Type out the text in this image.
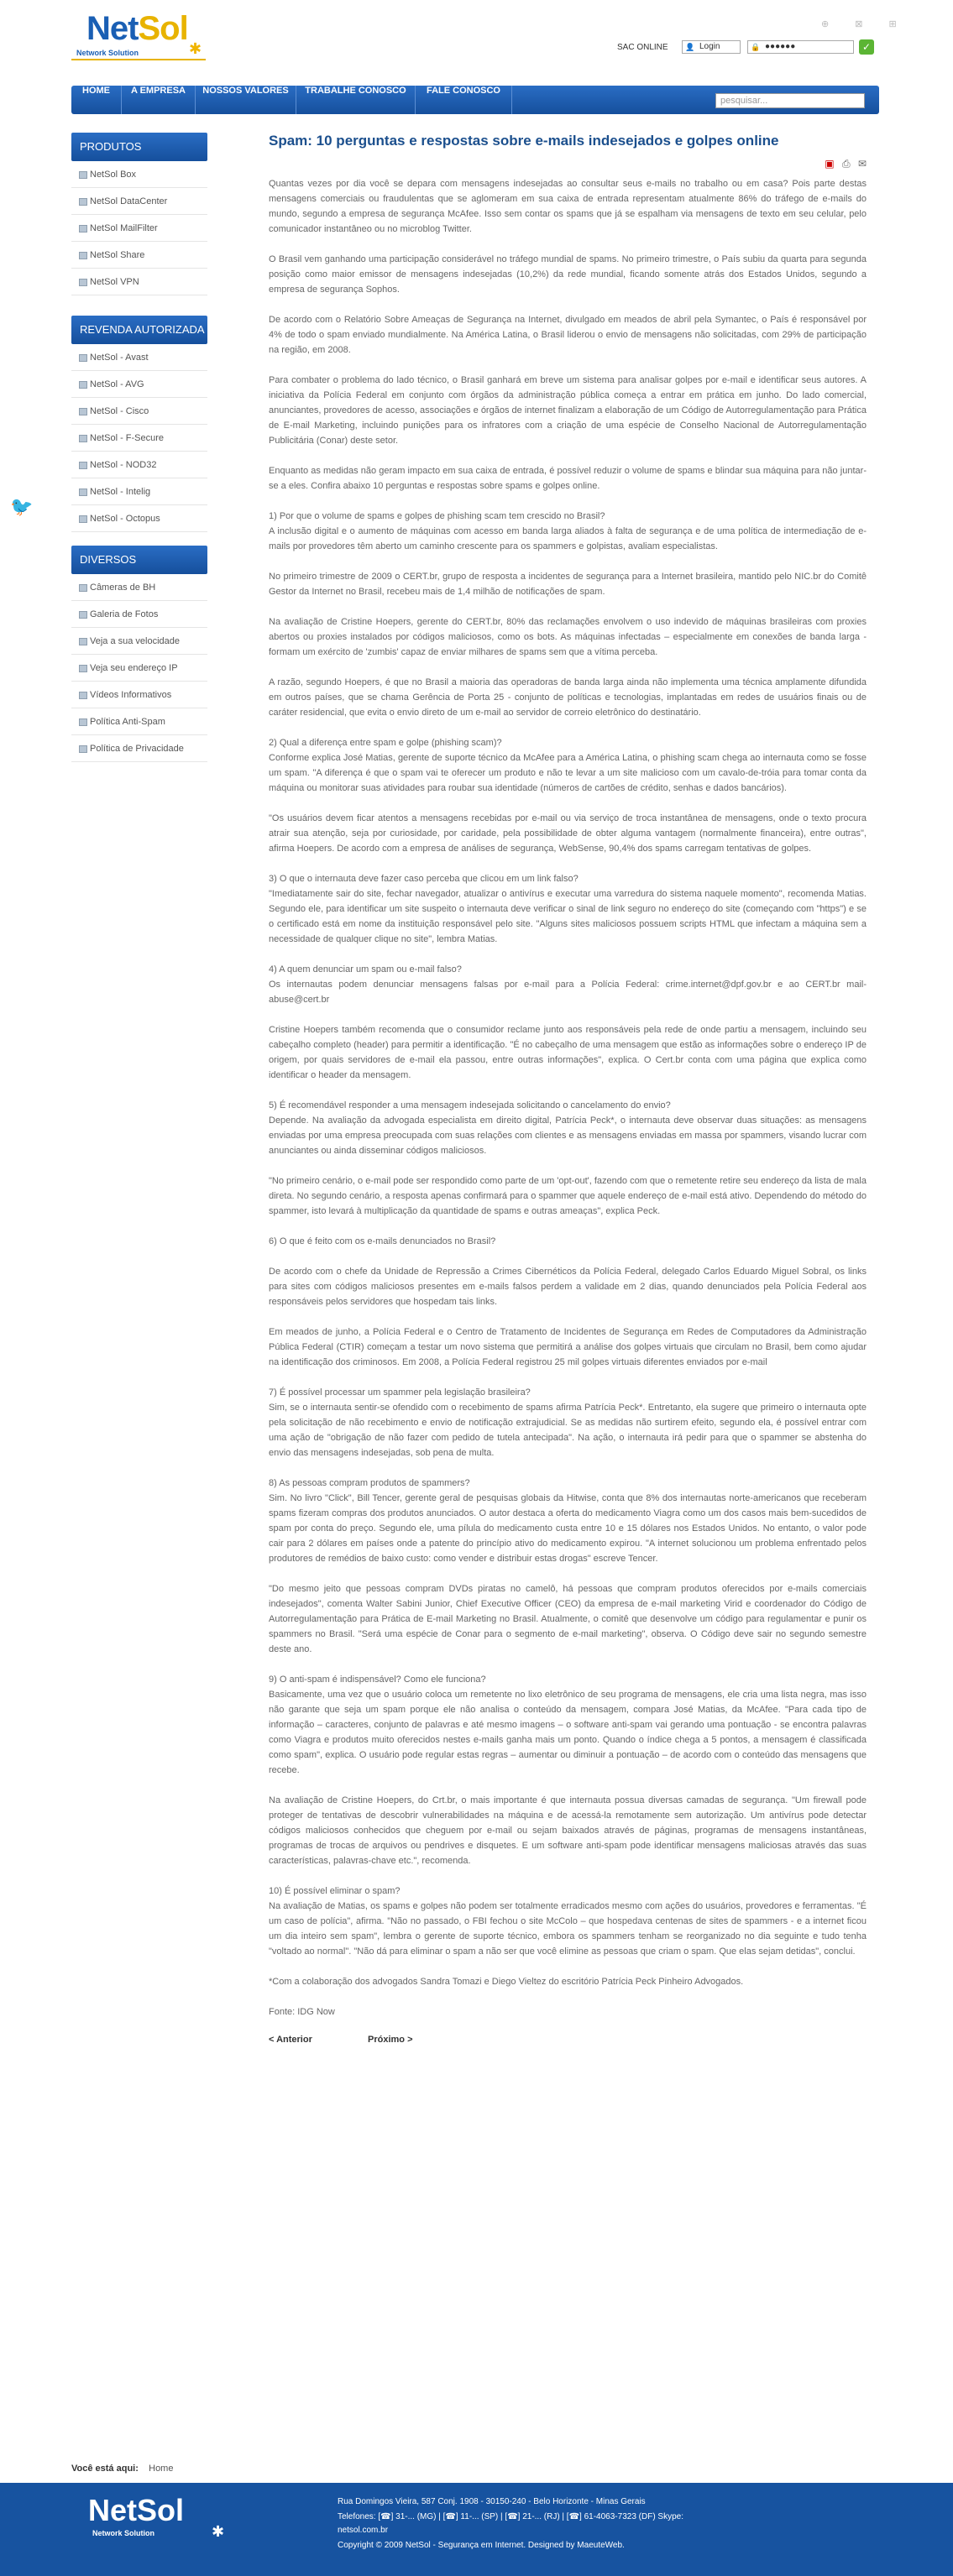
NetSol
Network Solution	✱
⊕ ⊠ ⊞
SAC ONLINE	👤 Login	🔒 ●●●●●●	✓
HOME	A EMPRESA	NOSSOS VALORES	TRABALHE CONOSCO	FALE CONOSCO
pesquisar...
PRODUTOS
NetSol Box
NetSol DataCenter
NetSol MailFilter
NetSol Share
NetSol VPN
REVENDA AUTORIZADA
NetSol - Avast
NetSol - AVG
NetSol - Cisco
NetSol - F-Secure
NetSol - NOD32
NetSol - Intelig
NetSol - Octopus
DIVERSOS
Câmeras de BH
Galeria de Fotos
Veja a sua velocidade
Veja seu endereço IP
Vídeos Informativos
Política Anti-Spam
Política de Privacidade
🐦
Spam: 10 perguntas e respostas sobre e-mails indesejados e golpes online
▣ ⎙ ✉

Quantas vezes por dia você se depara com mensagens indesejadas ao consultar seus e-mails no trabalho ou em casa? Pois parte destas mensagens comerciais ou fraudulentas que se aglomeram em sua caixa de entrada representam atualmente 86% do tráfego de e-mails do mundo, segundo a empresa de segurança McAfee. Isso sem contar os spams que já se espalham via mensagens de texto em seu celular, pelo comunicador instantâneo ou no microblog Twitter.

O Brasil vem ganhando uma participação considerável no tráfego mundial de spams. No primeiro trimestre, o País subiu da quarta para segunda posição como maior emissor de mensagens indesejadas (10,2%) da rede mundial, ficando somente atrás dos Estados Unidos, segundo a empresa de segurança Sophos.

De acordo com o Relatório Sobre Ameaças de Segurança na Internet, divulgado em meados de abril pela Symantec, o País é responsável por 4% de todo o spam enviado mundialmente. Na América Latina, o Brasil liderou o envio de mensagens não solicitadas, com 29% de participação na região, em 2008.

Para combater o problema do lado técnico, o Brasil ganhará em breve um sistema para analisar golpes por e-mail e identificar seus autores. A iniciativa da Polícia Federal em conjunto com órgãos da administração pública começa a entrar em prática em junho. Do lado comercial, anunciantes, provedores de acesso, associações e órgãos de internet finalizam a elaboração de um Código de Autorregulamentação para Prática de E-mail Marketing, incluindo punições para os infratores com a criação de uma espécie de Conselho Nacional de Autorregulamentação Publicitária (Conar) deste setor.

Enquanto as medidas não geram impacto em sua caixa de entrada, é possível reduzir o volume de spams e blindar sua máquina para não juntar-se a eles. Confira abaixo 10 perguntas e respostas sobre spams e golpes online.

1) Por que o volume de spams e golpes de phishing scam tem crescido no Brasil?
A inclusão digital e o aumento de máquinas com acesso em banda larga aliados à falta de segurança e de uma política de intermediação de e-mails por provedores têm aberto um caminho crescente para os spammers e golpistas, avaliam especialistas.

No primeiro trimestre de 2009 o CERT.br, grupo de resposta a incidentes de segurança para a Internet brasileira, mantido pelo NIC.br do Comitê Gestor da Internet no Brasil, recebeu mais de 1,4 milhão de notificações de spam.

Na avaliação de Cristine Hoepers, gerente do CERT.br, 80% das reclamações envolvem o uso indevido de máquinas brasileiras com proxies abertos ou proxies instalados por códigos maliciosos, como os bots. As máquinas infectadas – especialmente em conexões de banda larga - formam um exército de 'zumbis' capaz de enviar milhares de spams sem que a vítima perceba.

A razão, segundo Hoepers, é que no Brasil a maioria das operadoras de banda larga ainda não implementa uma técnica amplamente difundida em outros países, que se chama Gerência de Porta 25 - conjunto de políticas e tecnologias, implantadas em redes de usuários finais ou de caráter residencial, que evita o envio direto de um e-mail ao servidor de correio eletrônico do destinatário.

2) Qual a diferença entre spam e golpe (phishing scam)?
Conforme explica José Matias, gerente de suporte técnico da McAfee para a América Latina, o phishing scam chega ao internauta como se fosse um spam. "A diferença é que o spam vai te oferecer um produto e não te levar a um site malicioso com um cavalo-de-tróia para tomar conta da máquina ou monitorar suas atividades para roubar sua identidade (números de cartões de crédito, senhas e dados bancários).

"Os usuários devem ficar atentos a mensagens recebidas por e-mail ou via serviço de troca instantânea de mensagens, onde o texto procura atrair sua atenção, seja por curiosidade, por caridade, pela possibilidade de obter alguma vantagem (normalmente financeira), entre outras", afirma Hoepers. De acordo com a empresa de análises de segurança, WebSense, 90,4% dos spams carregam tentativas de golpes.

3) O que o internauta deve fazer caso perceba que clicou em um link falso?
"Imediatamente sair do site, fechar navegador, atualizar o antivírus e executar uma varredura do sistema naquele momento", recomenda Matias. Segundo ele, para identificar um site suspeito o internauta deve verificar o sinal de link seguro no endereço do site (começando com "https") e se o certificado está em nome da instituição responsável pelo site. "Alguns sites maliciosos possuem scripts HTML que infectam a máquina sem a necessidade de qualquer clique no site", lembra Matias.

4) A quem denunciar um spam ou e-mail falso?
Os internautas podem denunciar mensagens falsas por e-mail para a Polícia Federal: crime.internet@dpf.gov.br e ao CERT.br mail-abuse@cert.br

Cristine Hoepers também recomenda que o consumidor reclame junto aos responsáveis pela rede de onde partiu a mensagem, incluindo seu cabeçalho completo (header) para permitir a identificação. "É no cabeçalho de uma mensagem que estão as informações sobre o endereço IP de origem, por quais servidores de e-mail ela passou, entre outras informações", explica. O Cert.br conta com uma página que explica como identificar o header da mensagem.

5) É recomendável responder a uma mensagem indesejada solicitando o cancelamento do envio?
Depende. Na avaliação da advogada especialista em direito digital, Patrícia Peck*, o internauta deve observar duas situações: as mensagens enviadas por uma empresa preocupada com suas relações com clientes e as mensagens enviadas em massa por spammers, visando lucrar com anunciantes ou ainda disseminar códigos maliciosos.

"No primeiro cenário, o e-mail pode ser respondido como parte de um 'opt-out', fazendo com que o remetente retire seu endereço da lista de mala direta. No segundo cenário, a resposta apenas confirmará para o spammer que aquele endereço de e-mail está ativo. Dependendo do método do spammer, isto levará à multiplicação da quantidade de spams e outras ameaças", explica Peck.

6) O que é feito com os e-mails denunciados no Brasil?

De acordo com o chefe da Unidade de Repressão a Crimes Cibernéticos da Polícia Federal, delegado Carlos Eduardo Miguel Sobral, os links para sites com códigos maliciosos presentes em e-mails falsos perdem a validade em 2 dias, quando denunciados pela Polícia Federal aos responsáveis pelos servidores que hospedam tais links.

Em meados de junho, a Polícia Federal e o Centro de Tratamento de Incidentes de Segurança em Redes de Computadores da Administração Pública Federal (CTIR) começam a testar um novo sistema que permitirá a análise dos golpes virtuais que circulam no Brasil, bem como ajudar na identificação dos criminosos. Em 2008, a Polícia Federal registrou 25 mil golpes virtuais diferentes enviados por e-mail

7) É possível processar um spammer pela legislação brasileira?
Sim, se o internauta sentir-se ofendido com o recebimento de spams afirma Patrícia Peck*. Entretanto, ela sugere que primeiro o internauta opte pela solicitação de não recebimento e envio de notificação extrajudicial. Se as medidas não surtirem efeito, segundo ela, é possível entrar com uma ação de "obrigação de não fazer com pedido de tutela antecipada". Na ação, o internauta irá pedir para que o spammer se abstenha do envio das mensagens indesejadas, sob pena de multa.

8) As pessoas compram produtos de spammers?
Sim. No livro "Click", Bill Tencer, gerente geral de pesquisas globais da Hitwise, conta que 8% dos internautas norte-americanos que receberam spams fizeram compras dos produtos anunciados. O autor destaca a oferta do medicamento Viagra como um dos casos mais bem-sucedidos de spam por conta do preço. Segundo ele, uma pílula do medicamento custa entre 10 e 15 dólares nos Estados Unidos. No entanto, o valor pode cair para 2 dólares em países onde a patente do princípio ativo do medicamento expirou. "A internet solucionou um problema enfrentado pelos produtores de remédios de baixo custo: como vender e distribuir estas drogas" escreve Tencer.

"Do mesmo jeito que pessoas compram DVDs piratas no camelô, há pessoas que compram produtos oferecidos por e-mails comerciais indesejados", comenta Walter Sabini Junior, Chief Executive Officer (CEO) da empresa de e-mail marketing Virid e coordenador do Código de Autorregulamentação para Prática de E-mail Marketing no Brasil. Atualmente, o comitê que desenvolve um código para regulamentar e punir os spammers no Brasil. "Será uma espécie de Conar para o segmento de e-mail marketing", observa. O Código deve sair no segundo semestre deste ano.

9) O anti-spam é indispensável? Como ele funciona?
Basicamente, uma vez que o usuário coloca um remetente no lixo eletrônico de seu programa de mensagens, ele cria uma lista negra, mas isso não garante que seja um spam porque ele não analisa o conteúdo da mensagem, compara José Matias, da McAfee. "Para cada tipo de informação – caracteres, conjunto de palavras e até mesmo imagens – o software anti-spam vai gerando uma pontuação - se encontra palavras como Viagra e produtos muito oferecidos nestes e-mails ganha mais um ponto. Quando o índice chega a 5 pontos, a mensagem é classificada como spam", explica. O usuário pode regular estas regras – aumentar ou diminuir a pontuação – de acordo com o conteúdo das mensagens que recebe.

Na avaliação de Cristine Hoepers, do Crt.br, o mais importante é que internauta possua diversas camadas de segurança. "Um firewall pode proteger de tentativas de descobrir vulnerabilidades na máquina e de acessá-la remotamente sem autorização. Um antivírus pode detectar códigos maliciosos conhecidos que cheguem por e-mail ou sejam baixados através de páginas, programas de mensagens instantâneas, programas de trocas de arquivos ou pendrives e disquetes. E um software anti-spam pode identificar mensagens maliciosas através das suas características, palavras-chave etc.", recomenda.

10) É possível eliminar o spam?
Na avaliação de Matias, os spams e golpes não podem ser totalmente erradicados mesmo com ações do usuários, provedores e ferramentas. "É um caso de polícia", afirma. "Não no passado, o FBI fechou o site McColo – que hospedava centenas de sites de spammers - e a internet ficou um dia inteiro sem spam", lembra o gerente de suporte técnico, embora os spammers tenham se reorganizado no dia seguinte e tudo tenha "voltado ao normal". "Não dá para eliminar o spam a não ser que você elimine as pessoas que criam o spam. Que elas sejam detidas", conclui.

*Com a colaboração dos advogados Sandra Tomazi e Diego Vieltez do escritório Patrícia Peck Pinheiro Advogados.

Fonte: IDG Now

< Anterior	Próximo >
Você está aqui: Home
NetSol
Network Solution	✱
Rua Domingos Vieira, 587 Conj. 1908 - 30150-240 - Belo Horizonte - Minas Gerais
Telefones: [☎] 31-... (MG) | [☎] 11-... (SP) | [☎] 21-... (RJ) | [☎] 61-4063-7323 (DF) Skype:
netsol.com.br
Copyright © 2009 NetSol - Segurança em Internet. Designed by MaeuteWeb.
